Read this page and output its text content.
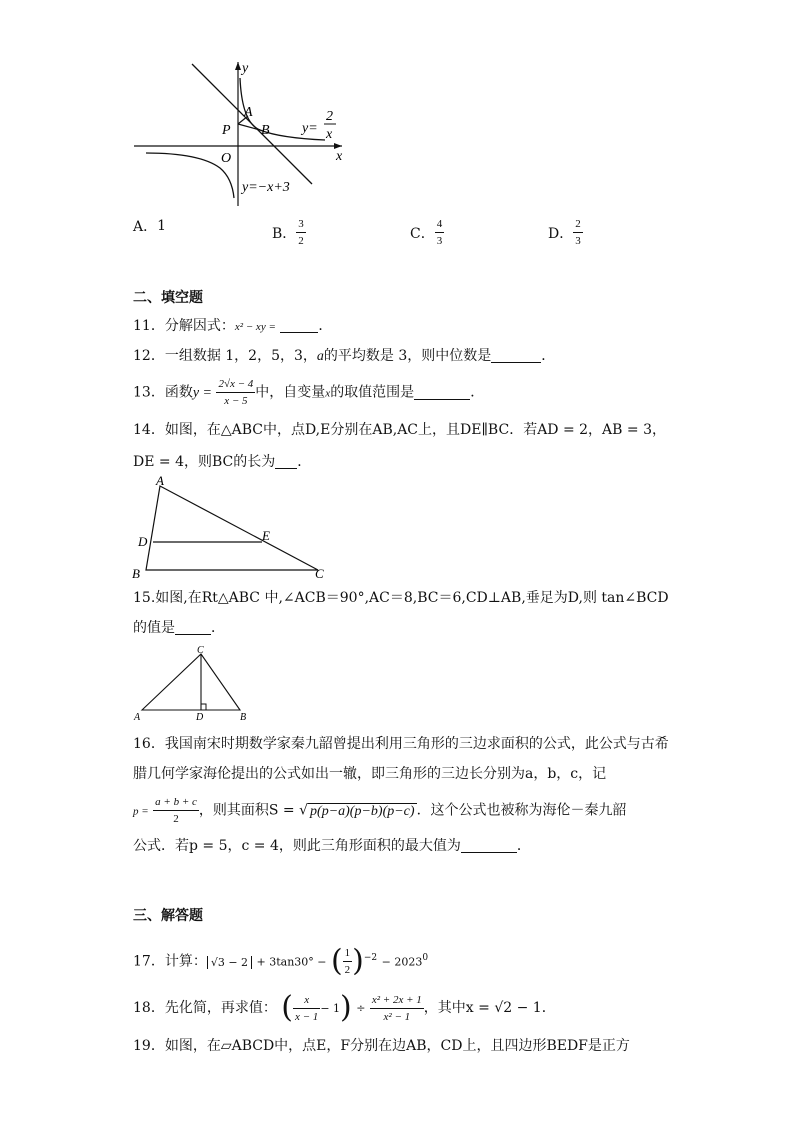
y
x
O
A
P B y=
2
x
y=−x+3
A． 1	B． $\frac{3}{2}$	C． $\frac{4}{3}$	D． $\frac{2}{3}$
二、填空题
11．分解因式：x² − xy =	．
12．一组数据 1，2，5，3，a的平均数是 3，则中位数是	．
13．函数$y = \frac{2√x - 4}{x - 5}$ 中，自变量x的取值范围是	．
14．如图，在△ABC中，点D,E分别在AB,AC上，且DE∥BC．若AD = 2，AB = 3，
DE = 4，则BC的长为 ．
A
B	C
D	E
15.如图,在Rt△ABC 中,∠ACB＝90°,AC＝8,BC＝6,CD⊥AB,垂足为D,则 tan∠BCD
的值是	．
C
A	D	B
16．我国南宋时期数学家秦九韶曾提出利用三角形的三边求面积的公式，此公式与古希
腊几何学家海伦提出的公式如出一辙，即三角形的三边长分别为a，b，c，记
$p = \frac{a + b + c}{2}$ ，则其面积S = √ p(p−a)(p−b)(p−c) ．这个公式也被称为海伦－秦九韶
公式．若p = 5，c = 4，则此三角形面积的最大值为	．
三、解答题
17．计算： √3 − 2 + 3tan30° − ( $\frac{1}{2} )^{-2} - 2023^0$
18．先化简，再求值： ( $\frac{x}{x - 1} - 1) \div \frac{\text{x² + 2x + 1}}{\text{x² − 1}}$ ，其中x = √2 − 1．
19．如图，在▱ABCD中，点E，F分别在边AB，CD上，且四边形BEDF是正方
